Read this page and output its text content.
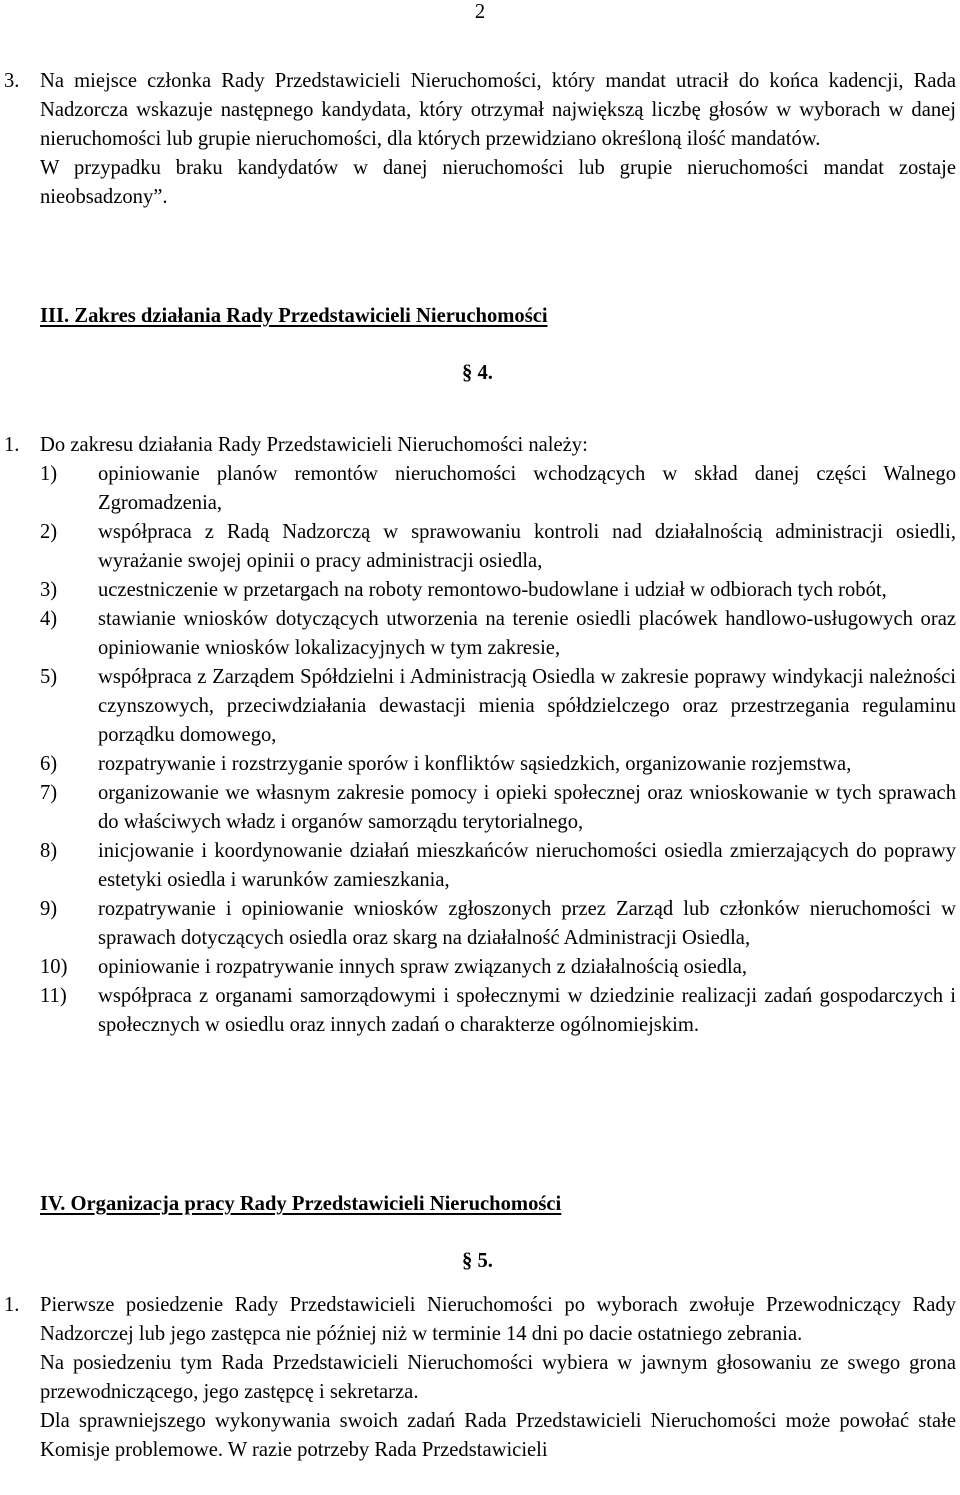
2
3. Na miejsce członka Rady Przedstawicieli Nieruchomości, który mandat utracił do końca kadencji, Rada Nadzorcza wskazuje następnego kandydata, który otrzymał największą liczbę głosów w wyborach w danej nieruchomości lub grupie nieruchomości, dla których przewidziano określoną ilość mandatów.

W przypadku braku kandydatów w danej nieruchomości lub grupie nieruchomości mandat zostaje nieobsadzony”.

III. Zakres działania Rady Przedstawicieli Nieruchomości
§ 4.
1. Do zakresu działania Rady Przedstawicieli Nieruchomości należy:

1) opiniowanie planów remontów nieruchomości wchodzących w skład danej części Walnego Zgromadzenia,
2) współpraca z Radą Nadzorczą w sprawowaniu kontroli nad działalnością administracji osiedli, wyrażanie swojej opinii o pracy administracji osiedla,
3) uczestniczenie w przetargach na roboty remontowo-budowlane i udział w odbiorach tych robót,
4) stawianie wniosków dotyczących utworzenia na terenie osiedli placówek handlowo-usługowych oraz opiniowanie wniosków lokalizacyjnych w tym zakresie,
5) współpraca z Zarządem Spółdzielni i Administracją Osiedla w zakresie poprawy windykacji należności czynszowych, przeciwdziałania dewastacji mienia spółdzielczego oraz przestrzegania regulaminu porządku domowego,
6) rozpatrywanie i rozstrzyganie sporów i konfliktów sąsiedzkich, organizowanie rozjemstwa,
7) organizowanie we własnym zakresie pomocy i opieki społecznej oraz wnioskowanie w tych sprawach do właściwych władz i organów samorządu terytorialnego,
8) inicjowanie i koordynowanie działań mieszkańców nieruchomości osiedla zmierzających do poprawy estetyki osiedla i warunków zamieszkania,
9) rozpatrywanie i opiniowanie wniosków zgłoszonych przez Zarząd lub członków nieruchomości w sprawach dotyczących osiedla oraz skarg na działalność Administracji Osiedla,
10) opiniowanie i rozpatrywanie innych spraw związanych z działalnością osiedla,
11) współpraca z organami samorządowymi i społecznymi w dziedzinie realizacji zadań gospodarczych i społecznych w osiedlu oraz innych zadań o charakterze ogólnomiejskim.
IV. Organizacja pracy Rady Przedstawicieli Nieruchomości
§ 5.
1. Pierwsze posiedzenie Rady Przedstawicieli Nieruchomości po wyborach zwołuje Przewodniczący Rady Nadzorczej lub jego zastępca nie później niż w terminie 14 dni po dacie ostatniego zebrania.

Na posiedzeniu tym Rada Przedstawicieli Nieruchomości wybiera w jawnym głosowaniu ze swego grona przewodniczącego, jego zastępcę i sekretarza.

Dla sprawniejszego wykonywania swoich zadań Rada Przedstawicieli Nieruchomości może powołać stałe Komisje problemowe. W razie potrzeby Rada Przedstawicieli
